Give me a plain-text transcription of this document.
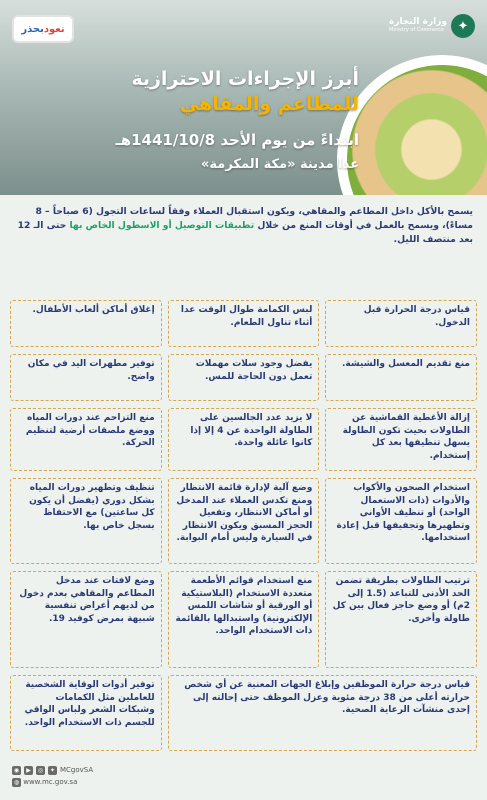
نعود
بحذر	✦
وزارة التجارة
Ministry of Commerce
أبرز الإجراءات الاحترازية
للمطاعم والمقاهي
ابتداءً من يوم الأحد 1441/10/8هـ
عدا مدينة «مكة المكرمة»
يسمح بالأكل داخل المطاعم والمقاهي، ويكون استقبال العملاء وفقاً لساعات التجول (6 صباحاً – 8 مساءً)، ويسمح بالعمل في أوقات المنع من خلال تطبيقات التوصيل أو الاسطول الخاص بها حتى الـ 12 بعد منتصف الليل.
قياس درجة الحرارة قبل الدخول.
لبس الكمامة طوال الوقت عدا أثناء تناول الطعام.
إغلاق أماكن ألعاب الأطفال.
منع تقديم المعسل والشيشة.
يفضل وجود سلات مهملات تعمل دون الحاجة للمس.
توفير مطهرات اليد في مكان واضح.
إزالة الأغطية القماشية عن الطاولات بحيث تكون الطاولة يسهل تنظيفها بعد كل إستخدام.
لا يزيد عدد الجالسين على الطاولة الواحدة عن 4 إلا إذا كانوا عائلة واحدة.
منع التزاحم عند دورات المياه ووضع ملصقات أرضية لتنظيم الحركة.
استخدام الصحون والأكواب والأدوات (ذات الاستعمال الواحد) أو تنظيف الأواني وتطهيرها وتجفيفها قبل إعادة استخدامها.
وضع آلية لإدارة قائمة الانتظار ومنع تكدس العملاء عند المدخل أو أماكن الانتظار، وتفعيل الحجز المسبق ويكون الانتظار في السيارة وليس أمام البوابة.
تنظيف وتطهير دورات المياه بشكل دوري (يفضل أن يكون كل ساعتين) مع الاحتفاظ بسجل خاص بها.
ترتيب الطاولات بطريقة تضمن الحد الأدنى للتباعد (1.5 إلى 2م) أو وضع حاجز فعال بين كل طاولة وأخرى.
منع استخدام قوائم الأطعمة متعددة الاستخدام (البلاستيكية أو الورقية أو شاشات اللمس الإلكترونية) واستبدالها بالقائمة ذات الاستخدام الواحد.
وضع لافتات عند مدخل المطاعم والمقاهي بعدم دخول من لديهم أعراض تنفسية شبيهة بمرض كوفيد 19.
قياس درجة حرارة الموظفين وإبلاغ الجهات المعنية عن أي شخص حرارته أعلى من 38 درجة مئوية وعزل الموظف حتى إحالته إلى إحدى منشآت الرعاية الصحية.
توفير أدوات الوقاية الشخصية للعاملين مثل الكمامات وشبكات الشعر ولباس الواقي للجسم ذات الاستخدام الواحد.
◉	▶	◎	✦ MCgovSA
◍ www.mc.gov.sa
